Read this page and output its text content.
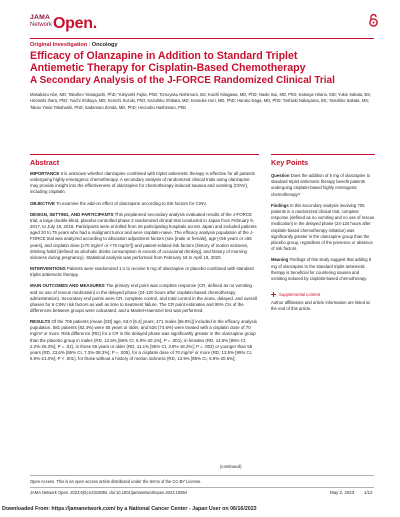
JAMA
Network Open.
Original Investigation | Oncology
Efficacy of Olanzapine in Addition to Standard Triplet Antiemetic Therapy for Cisplatin-Based Chemotherapy
A Secondary Analysis of the J-FORCE Randomized Clinical Trial
Masakazu Abe, MD; Takuhiro Yamaguchi, PhD; Yukiyoshi Fujita, PhD; Tomoyasu Nishimura, BS; Koichi Kitagawa, MD, PhD; Naoki Inui, MD, PhD; Katsuya Hirano, MD; Yukie Sakata, BS; Hirotoshi Ihara, PhD; Yuichi Shibuya, MD; Kenichi Suzuki, PhD; Kazuhiko Shibata, MD; Kensuke Hori, MD, PhD; Haruko Daga, MD, PhD; Toshiaki Nakayama, BS; Yasuhiko Sakata, MS; Takao Yanai Takahashi, PhD; Sadamoto Zenda, MD, PhD; Hironobu Hashimoto, PhD
Abstract

IMPORTANCE It is unknown whether olanzapine combined with triplet antiemetic therapy is effective for all patients undergoing highly emetogenic chemotherapy. A secondary analysis of randomized clinical trials using olanzapine may provide insight into the effectiveness of olanzapine for chemotherapy-induced nausea and vomiting (CINV), including cisplatin.

OBJECTIVE To examine the add-on effect of olanzapine according to risk factors for CINV.

DESIGN, SETTING, AND PARTICIPANTS This preplanned secondary analysis evaluated results of the J-FORCE trial, a large double-blind, placebo-controlled phase 3 randomized clinical trial conducted in Japan from February 9, 2017, to July 18, 2018. Participants were enrolled from 26 participating hospitals across Japan and included patients aged 20 to 75 years who had a malignant tumor and were cisplatin-naive. The efficacy analysis population of the J-FORCE trial was analyzed according to allocation adjustment factors (sex [male or female], age [<55 years or ≥55 years], and cisplatin dose [≥70 mg/m² or <70 mg/m²]) and patient-related risk factors (history of motion sickness, drinking habit [defined as alcoholic drinks consumption in excess of occasional drinking], and history of morning sickness during pregnancy). Statistical analysis was performed from February 18 to April 18, 2020.

INTERVENTIONS Patients were randomized 1:1 to receive 5 mg of olanzapine or placebo combined with standard triplet antiemetic therapy.

MAIN OUTCOMES AND MEASURES The primary end point was complete response (CR, defined as no vomiting and no use of rescue medication) in the delayed phase (24-120 hours after cisplatin-based chemotherapy administration). Secondary end points were CR, complete control, and total control in the acute, delayed, and overall phases for 6 CINV risk factors as well as time to treatment failure. The CR point estimates and 95% CIs of the differences between groups were calculated, and a Mantel-Haenszel test was performed.

RESULTS Of the 705 patients (mean [SD] age, 63.0 [9.2] years; 471 males [66.8%]) included in the efficacy analysis population, 581 patients (82.4%) were 55 years or older, and 526 (74.6%) were treated with a cisplatin dose of 70 mg/m² or more. Risk difference (RD) for a CR in the delayed phase was significantly greater in the olanzapine group than the placebo group in males (RD, 12.6% [95% CI, 5.0%-20.1%]; P = .001), in females (RD, 14.5% [95% CI, 2.2%-26.3%]; P = .02), in those 55 years or older (RD, 11.1% [95% CI, 3.9%-18.2%]; P = .003) or younger than 55 years (RD, 23.6% [95% CI, 7.3%-38.3%]; P = .005), for a cisplatin dose of 70 mg/m² or more (RD, 13.5% [95% CI, 5.9%-21.0%]; P < .001), for those without a history of motion sickness (RD, 13.9% [95% CI, 6.9%-20.6%];

(continued)
Key Points

Question Does the addition of 5 mg of olanzapine to standard triplet antiemetic therapy benefit patients undergoing cisplatin-based highly emetogenic chemotherapy?

Findings In this secondary analysis involving 705 patients in a randomized clinical trial, complete response (defined as no vomiting and no use of rescue medication) in the delayed phase (24-120 hours after cisplatin-based chemotherapy initiation) was significantly greater in the olanzapine group than the placebo group, regardless of the presence or absence of risk factors.

Meaning Findings of this study suggest that adding 5 mg of olanzapine to the standard triplet antiemetic therapy is beneficial for countering nausea and vomiting induced by cisplatin-based chemotherapy.

Supplemental content
Author affiliations and article information are listed at the end of this article.
Open Access. This is an open access article distributed under the terms of the CC-BY License.
JAMA Network Open. 2023;6(5):e2310894. doi:10.1001/jamanetworkopen.2023.10894	May 2, 2023 1/12
Downloaded From: https://jamanetwork.com/ by a National Cancer Center - Japan User on 06/16/2023
